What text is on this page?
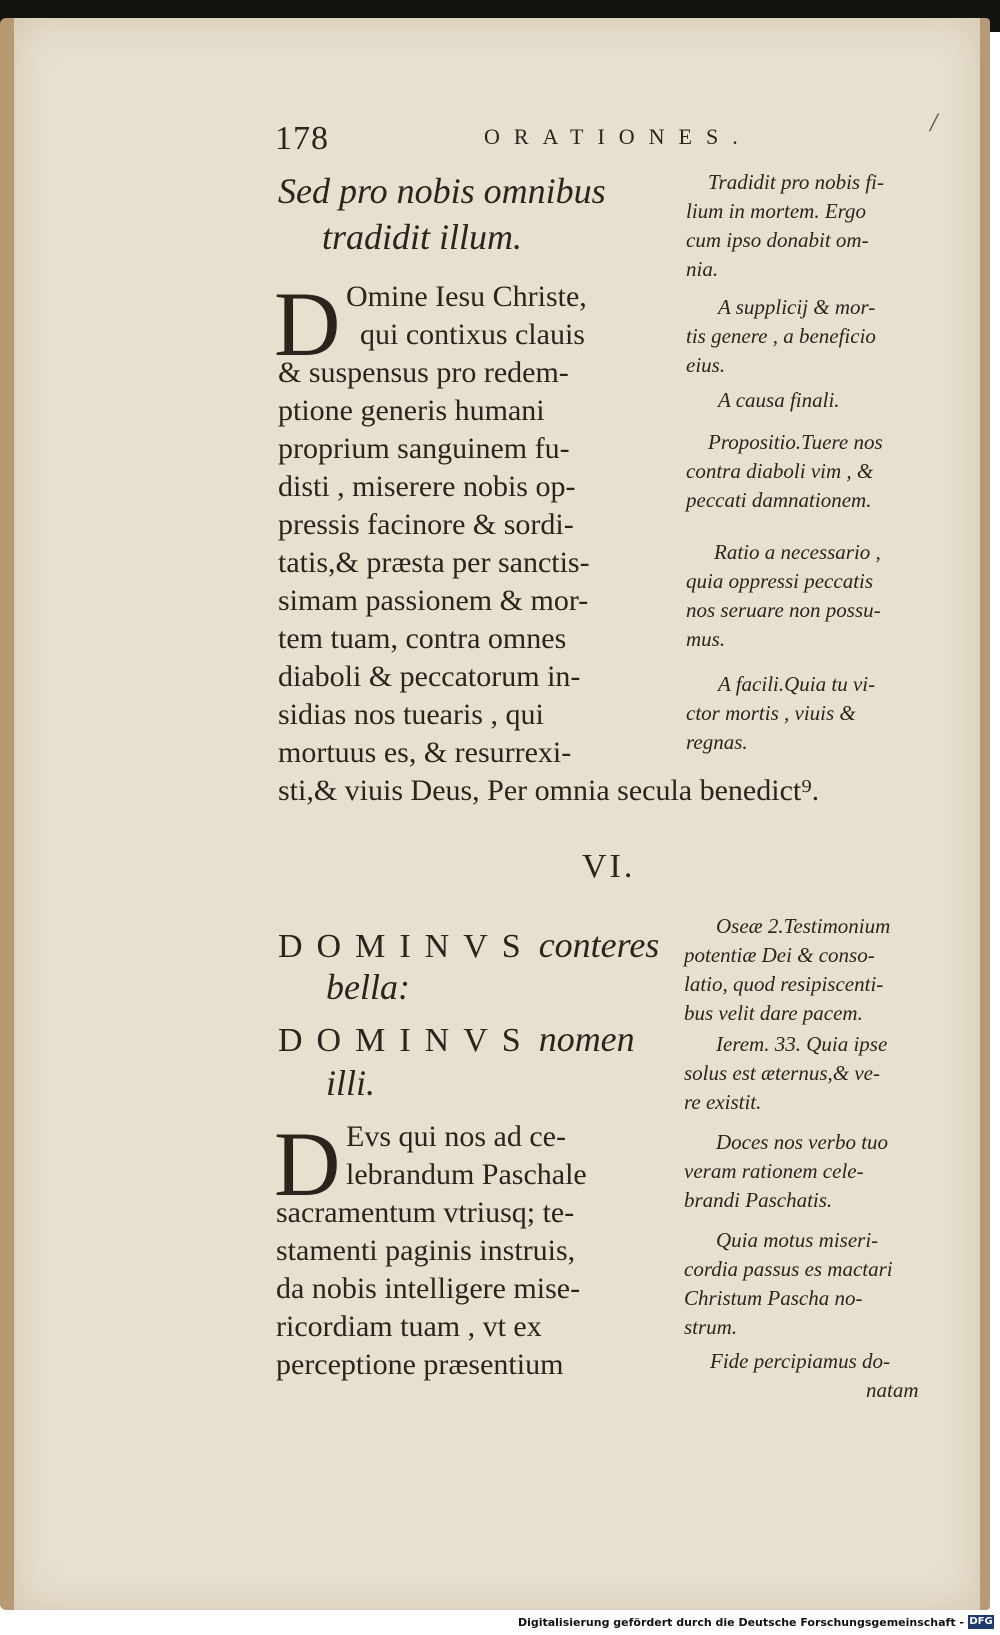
178	ORATIONES.	/
Sed pro nobis omnibus
tradidit illum.
D Omine Iesu Christe,
qui contixus clauis
& suspensus pro redem-
ptione generis humani
proprium sanguinem fu-
disti , miserere nobis op-
pressis facinore & sordi-
tatis,& præsta per sanctis-
simam passionem & mor-
tem tuam, contra omnes
diaboli & peccatorum in-
sidias nos tuearis , qui
mortuus es, & resurrexi-
sti,& viuis Deus, Per omnia secula benedict⁹.
Tradidit pro nobis fi-
lium in mortem. Ergo
cum ipso donabit om-
nia.
A supplicij & mor-
tis genere , a beneficio
eius.
A causa finali.
Propositio.Tuere nos
contra diaboli vim , &
peccati damnationem.
Ratio a necessario ,
quia oppressi peccatis
nos seruare non possu-
mus.
A facili.Quia tu vi-
ctor mortis , viuis &
regnas.
VI.
DOMINVS conteres
bella:
DOMINVS nomen
illi.
D Evs qui nos ad ce-
lebrandum Paschale
sacramentum vtriusq; te-
stamenti paginis instruis,
da nobis intelligere mise-
ricordiam tuam , vt ex
perceptione præsentium
Oseæ 2.Testimonium
potentiæ Dei & conso-
latio, quod resipiscenti-
bus velit dare pacem.
Ierem. 33. Quia ipse
solus est æternus,& ve-
re existit.
Doces nos verbo tuo
veram rationem cele-
brandi Paschatis.
Quia motus miseri-
cordia passus es mactari
Christum Pascha no-
strum.
Fide percipiamus do-
natam
Digitalisierung gefördert durch die Deutsche Forschungsgemeinschaft - DFG
